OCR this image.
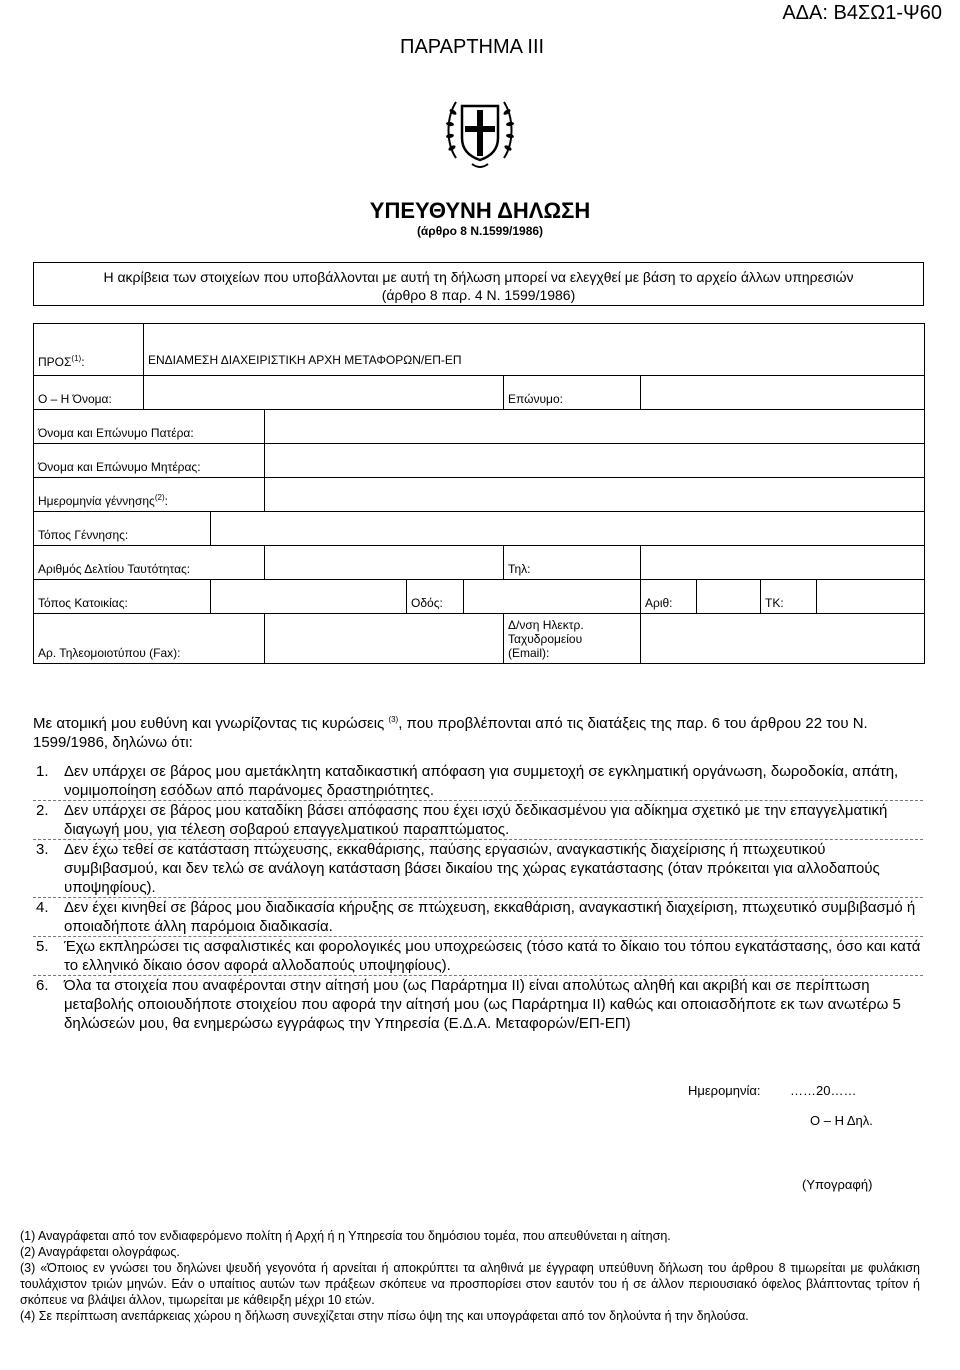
ΑΔΑ: Β4ΣΩ1-Ψ60
ΠΑΡΑΡΤΗΜΑ ΙΙΙ
ΥΠΕΥΘΥΝΗ ΔΗΛΩΣΗ
(άρθρο 8 Ν.1599/1986)
Η ακρίβεια των στοιχείων που υποβάλλονται με αυτή τη δήλωση μπορεί να ελεγχθεί με βάση το αρχείο άλλων υπηρεσιών
(άρθρο 8 παρ. 4 Ν. 1599/1986)
ΠΡΟΣ$^{(1)}$:	ΕΝΔΙΑΜΕΣΗ ΔΙΑΧΕΙΡΙΣΤΙΚΗ ΑΡΧΗ ΜΕΤΑΦΟΡΩΝ/ΕΠ-ΕΠ									
Ο – Η Όνομα:						Επώνυμο:				
Όνομα και Επώνυμο Πατέρα:										
Όνομα και Επώνυμο Μητέρας:										
Ημερομηνία γέννησης$^{(2)}$:										
Τόπος Γέννησης:										
Αριθμός Δελτίου Ταυτότητας:						Τηλ:				
Τόπος Κατοικίας:				Οδός:			Αριθ:		ΤΚ:	
Αρ. Τηλεομοιοτύπου (Fax):						Δ/νση Ηλεκτρ.
Ταχυδρομείου
(Email):				

Με ατομική μου ευθύνη και γνωρίζοντας τις κυρώσεις $^{(3)}$, που προβλέπονται από τις διατάξεις της παρ. 6 του άρθρου 22 του Ν. 1599/1986, δηλώνω ότι:
1. Δεν υπάρχει σε βάρος μου αμετάκλητη καταδικαστική απόφαση για συμμετοχή σε εγκληματική οργάνωση, δωροδοκία, απάτη, νομιμοποίηση εσόδων από παράνομες δραστηριότητες.
2. Δεν υπάρχει σε βάρος μου καταδίκη βάσει απόφασης που έχει ισχύ δεδικασμένου για αδίκημα σχετικό με την επαγγελματική διαγωγή μου, για τέλεση σοβαρού επαγγελματικού παραπτώματος.
3. Δεν έχω τεθεί σε κατάσταση πτώχευσης, εκκαθάρισης, παύσης εργασιών, αναγκαστικής διαχείρισης ή πτωχευτικού συμβιβασμού, και δεν τελώ σε ανάλογη κατάσταση βάσει δικαίου της χώρας εγκατάστασης (όταν πρόκειται για αλλοδαπούς υποψηφίους).
4. Δεν έχει κινηθεί σε βάρος μου διαδικασία κήρυξης σε πτώχευση, εκκαθάριση, αναγκαστική διαχείριση, πτωχευτικό συμβιβασμό ή οποιαδήποτε άλλη παρόμοια διαδικασία.
5. Έχω εκπληρώσει τις ασφαλιστικές και φορολογικές μου υποχρεώσεις (τόσο κατά το δίκαιο του τόπου εγκατάστασης, όσο και κατά το ελληνικό δίκαιο όσον αφορά αλλοδαπούς υποψηφίους).
6. Όλα τα στοιχεία που αναφέρονται στην αίτησή μου (ως Παράρτημα ΙΙ) είναι απολύτως αληθή και ακριβή και σε περίπτωση μεταβολής οποιουδήποτε στοιχείου που αφορά την αίτησή μου (ως Παράρτημα ΙΙ) καθώς και οποιασδήποτε εκ των ανωτέρω 5 δηλώσεών μου, θα ενημερώσω εγγράφως την Υπηρεσία (Ε.Δ.Α. Μεταφορών/ΕΠ-ΕΠ)
Ημερομηνία: ……20……
Ο – Η Δηλ.
(Υπογραφή)

(1) Αναγράφεται από τον ενδιαφερόμενο πολίτη ή Αρχή ή η Υπηρεσία του δημόσιου τομέα, που απευθύνεται η αίτηση.

(2) Αναγράφεται ολογράφως.

(3) «Όποιος εν γνώσει του δηλώνει ψευδή γεγονότα ή αρνείται ή αποκρύπτει τα αληθινά με έγγραφη υπεύθυνη δήλωση του άρθρου 8 τιμωρείται με φυλάκιση τουλάχιστον τριών μηνών. Εάν ο υπαίτιος αυτών των πράξεων σκόπευε να προσπορίσει στον εαυτόν του ή σε άλλον περιουσιακό όφελος βλάπτοντας τρίτον ή σκόπευε να βλάψει άλλον, τιμωρείται με κάθειρξη μέχρι 10 ετών.

(4) Σε περίπτωση ανεπάρκειας χώρου η δήλωση συνεχίζεται στην πίσω όψη της και υπογράφεται από τον δηλούντα ή την δηλούσα.
